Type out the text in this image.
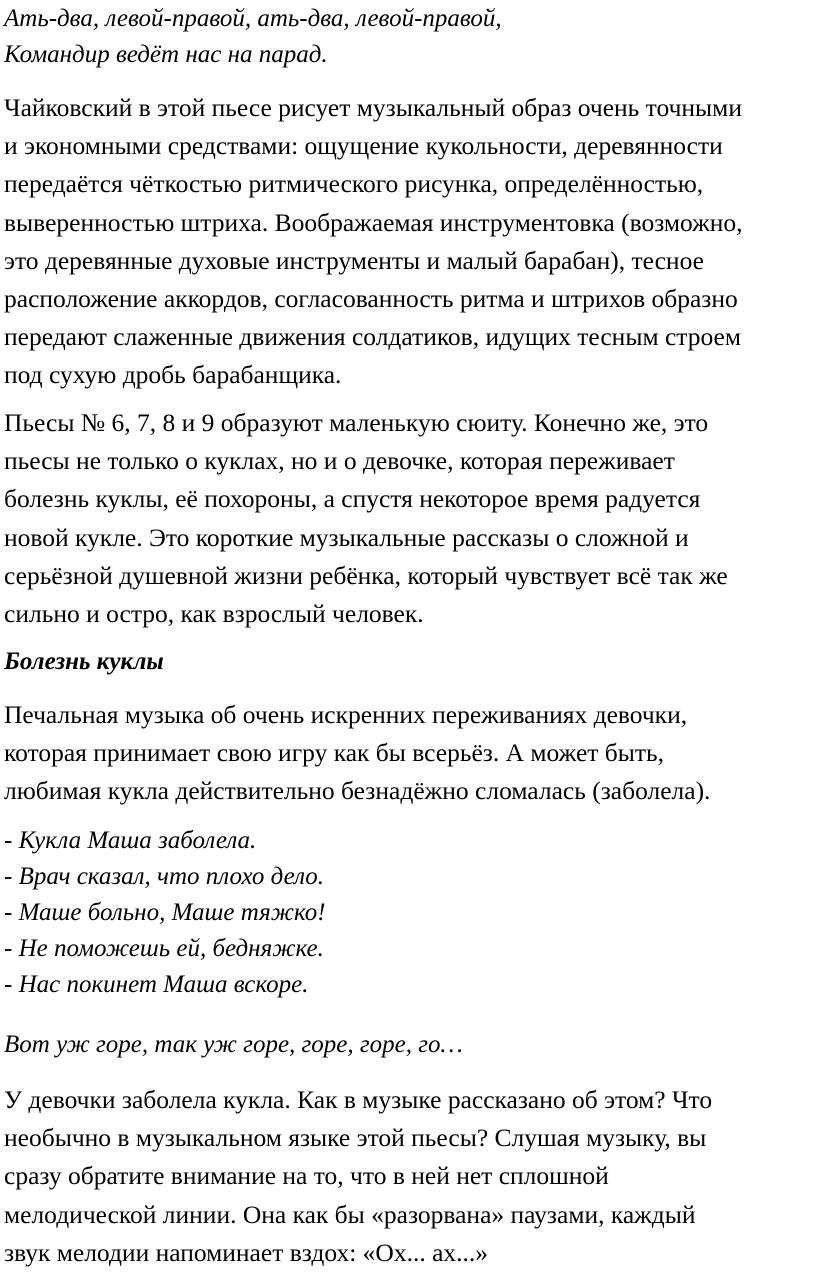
Ать-два, левой-правой, ать-два, левой-правой,
Командир ведёт нас на парад.
Чайковский в этой пьесе рисует музыкальный образ очень точными
и экономными средствами: ощущение кукольности, деревянности
передаётся чёткостью ритмического рисунка, определённостью,
выверенностью штриха. Воображаемая инструментовка (возможно,
это деревянные духовые инструменты и малый барабан), тесное
расположение аккордов, согласованность ритма и штрихов образно
передают слаженные движения солдатиков, идущих тесным строем
под сухую дробь барабанщика.
Пьесы № 6, 7, 8 и 9 образуют маленькую сюиту. Конечно же, это
пьесы не только о куклах, но и о девочке, которая переживает
болезнь куклы, её похороны, а спустя некоторое время радуется
новой кукле. Это короткие музыкальные рассказы о сложной и
серьёзной душевной жизни ребёнка, который чувствует всё так же
сильно и остро, как взрослый человек.
Болезнь куклы
Печальная музыка об очень искренних переживаниях девочки,
которая принимает свою игру как бы всерьёз. А может быть,
любимая кукла действительно безнадёжно сломалась (заболела).
- Кукла Маша заболела.
- Врач сказал, что плохо дело.
- Маше больно, Маше тяжко!
- Не поможешь ей, бедняжке.
- Нас покинет Маша вскоре.
Вот уж горе, так уж горе, горе, горе, го…
У девочки заболела кукла. Как в музыке рассказано об этом? Что
необычно в музыкальном языке этой пьесы? Слушая музыку, вы
сразу обратите внимание на то, что в ней нет сплошной
мелодической линии. Она как бы «разорвана» паузами, каждый
звук мелодии напоминает вздох: «Ох... ах...»
